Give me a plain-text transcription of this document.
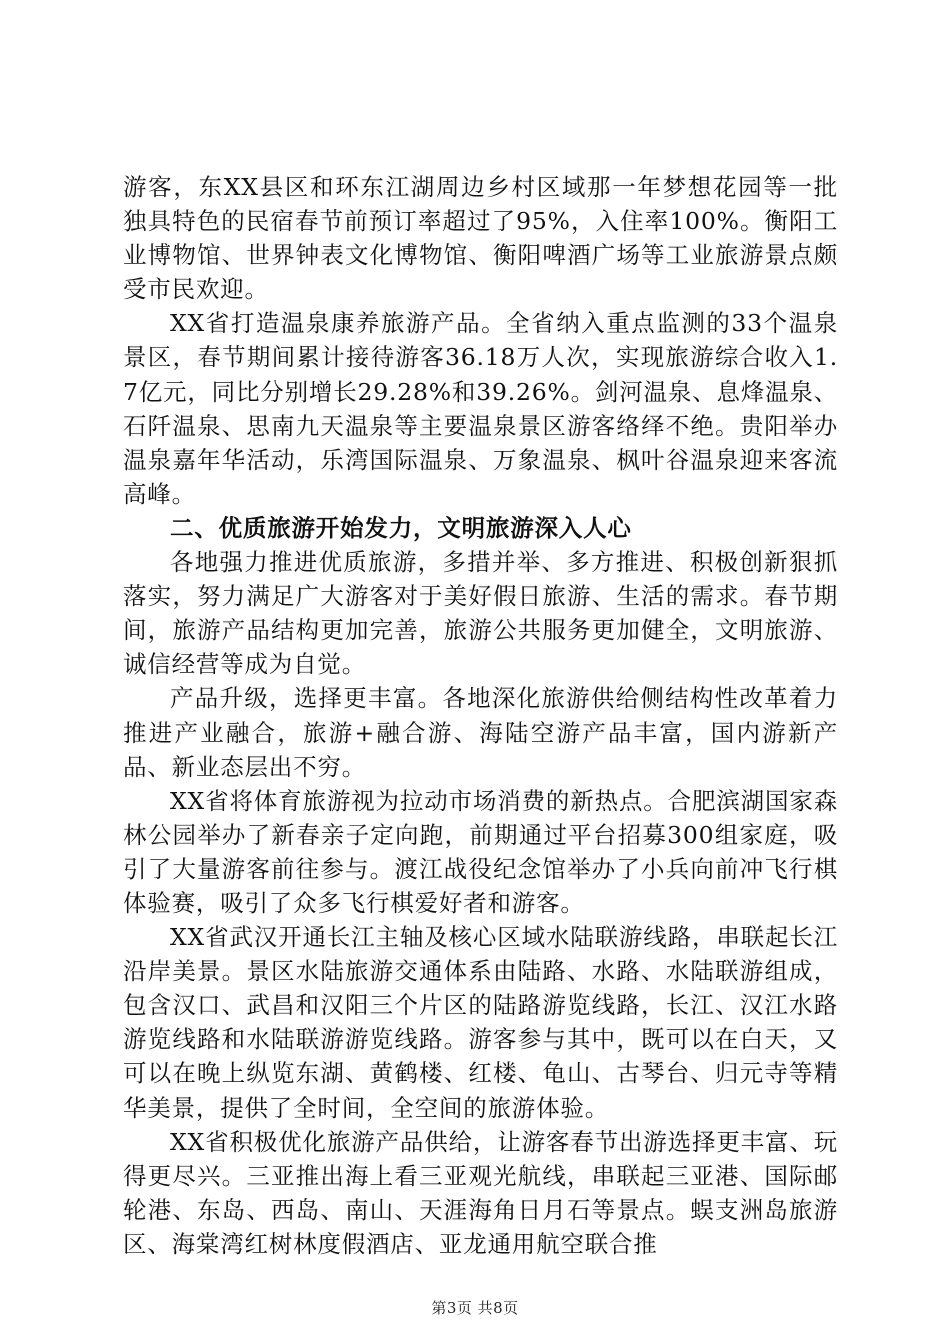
游客，东XX县区和环东江湖周边乡村区域那一年梦想花园等一批独具特色的民宿春节前预订率超过了95%，入住率100%。衡阳工业博物馆、世界钟表文化博物馆、衡阳啤酒广场等工业旅游景点颇受市民欢迎。

XX省打造温泉康养旅游产品。全省纳入重点监测的33个温泉景区，春节期间累计接待游客36.18万人次，实现旅游综合收入1.7亿元，同比分别增长29.28%和39.26%。剑河温泉、息烽温泉、石阡温泉、思南九天温泉等主要温泉景区游客络绎不绝。贵阳举办温泉嘉年华活动，乐湾国际温泉、万象温泉、枫叶谷温泉迎来客流高峰。

二、优质旅游开始发力，文明旅游深入人心

各地强力推进优质旅游，多措并举、多方推进、积极创新狠抓落实，努力满足广大游客对于美好假日旅游、生活的需求。春节期间，旅游产品结构更加完善，旅游公共服务更加健全，文明旅游、诚信经营等成为自觉。

产品升级，选择更丰富。各地深化旅游供给侧结构性改革着力推进产业融合，旅游+融合游、海陆空游产品丰富，国内游新产品、新业态层出不穷。

XX省将体育旅游视为拉动市场消费的新热点。合肥滨湖国家森林公园举办了新春亲子定向跑，前期通过平台招募300组家庭，吸引了大量游客前往参与。渡江战役纪念馆举办了小兵向前冲飞行棋体验赛，吸引了众多飞行棋爱好者和游客。

XX省武汉开通长江主轴及核心区域水陆联游线路，串联起长江沿岸美景。景区水陆旅游交通体系由陆路、水路、水陆联游组成，包含汉口、武昌和汉阳三个片区的陆路游览线路，长江、汉江水路游览线路和水陆联游游览线路。游客参与其中，既可以在白天，又可以在晚上纵览东湖、黄鹤楼、红楼、龟山、古琴台、归元寺等精华美景，提供了全时间，全空间的旅游体验。

XX省积极优化旅游产品供给，让游客春节出游选择更丰富、玩得更尽兴。三亚推出海上看三亚观光航线，串联起三亚港、国际邮轮港、东岛、西岛、南山、天涯海角日月石等景点。蜈支洲岛旅游区、海棠湾红树林度假酒店、亚龙通用航空联合推

第3页 共8页
